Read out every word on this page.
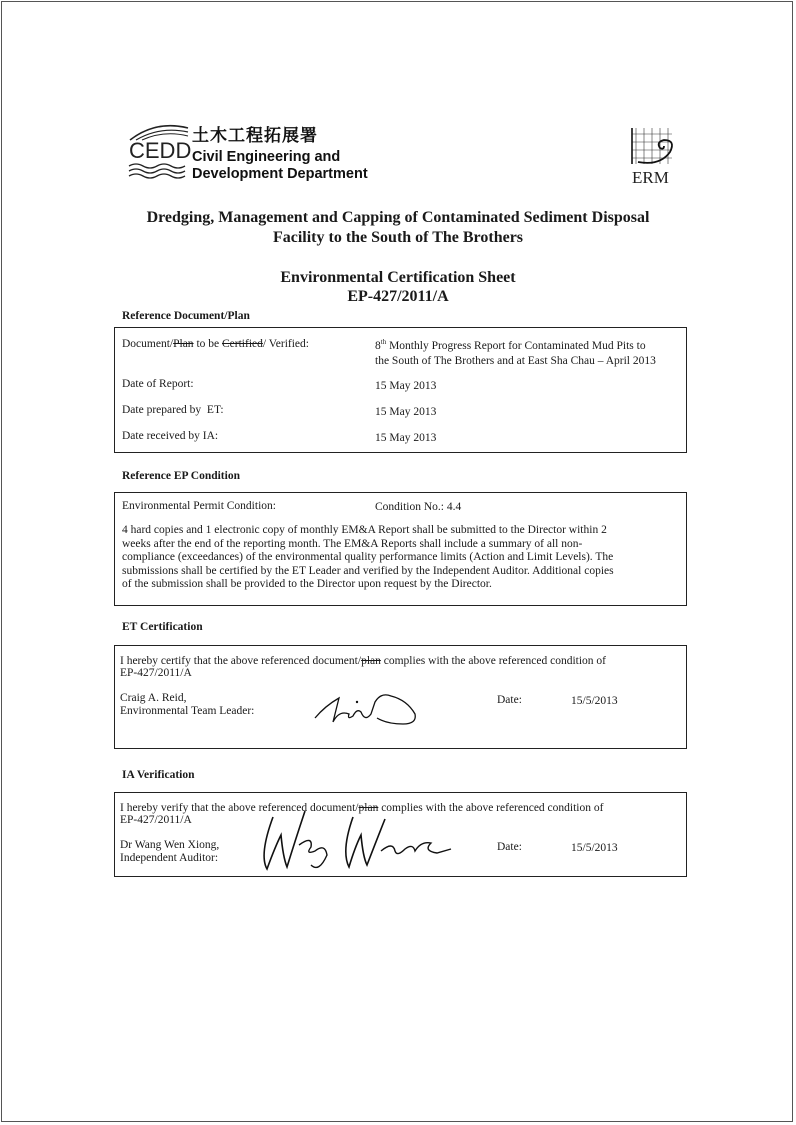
CEDD
土木工程拓展署
Civil Engineering and
Development Department	ERM
Dredging, Management and Capping of Contaminated Sediment Disposal
Facility to the South of The Brothers
Environmental Certification Sheet
EP-427/2011/A
Reference Document/Plan
Document/Plan to be Certified/ Verified:	8th Monthly Progress Report for Contaminated Mud Pits to
the South of The Brothers and at East Sha Chau – April 2013
Date of Report:	15 May 2013
Date prepared by  ET:	15 May 2013
Date received by IA:	15 May 2013
Reference EP Condition
Environmental Permit Condition:	Condition No.: 4.4
4 hard copies and 1 electronic copy of monthly EM&A Report shall be submitted to the Director within 2
weeks after the end of the reporting month. The EM&A Reports shall include a summary of all non-
compliance (exceedances) of the environmental quality performance limits (Action and Limit Levels). The
submissions shall be certified by the ET Leader and verified by the Independent Auditor. Additional copies
of the submission shall be provided to the Director upon request by the Director.
ET Certification
I hereby certify that the above referenced document/plan complies with the above referenced condition of
EP-427/2011/A
Craig A. Reid,
Environmental Team Leader:
Date:	15/5/2013
IA Verification
I hereby verify that the above referenced document/plan complies with the above referenced condition of
EP-427/2011/A
Dr Wang Wen Xiong,
Independent Auditor:
Date:	15/5/2013
